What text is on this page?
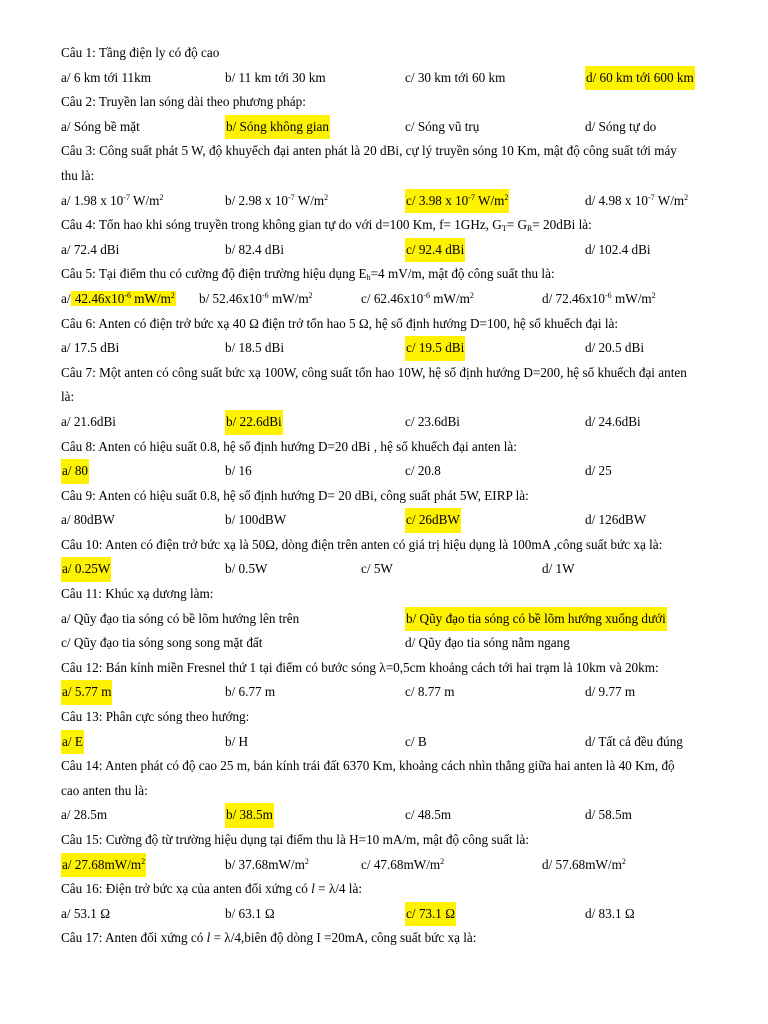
Câu 1: Tầng điện ly có độ cao
a/ 6 km tới 11km	b/ 11 km tới 30 km	c/ 30 km tới 60 km	d/ 60 km tới 600 km
Câu 2: Truyền lan sóng dài theo phương pháp:
a/ Sóng bề mặt	b/ Sóng không gian	c/ Sóng vũ trụ	d/ Sóng tự do
Câu 3: Công suất phát 5 W, độ khuyếch đại anten phát là 20 dBi, cự lý truyền sóng 10 Km, mật độ công suất tới máy
thu là:
a/ 1.98 x $10^{-7}$ $W/m^2$	b/ 2.98 x $10^{-7}$ $W/m^2$	c/ 3.98 x $10^{-7}$ $W/m^2$	d/ 4.98 x $10^{-7}$ $W/m^2$
Câu 4: Tổn hao khi sóng truyền trong không gian tự do với d=100 Km, f= 1GHz, $G_T= G_R= 20dBi$ là:
a/ 72.4 dBi	b/ 82.4 dBi	c/ 92.4 dBi	d/ 102.4 dBi
Câu 5: Tại điểm thu có cường độ điện trường hiệu dụng $E_h=4$ mV/m, mật độ công suất thu là:
a/ $42.46x10^{-6}$ $mW/m^2$ b/ $52.46x10^{-6}$ $mW/m^2$	c/ $62.46x10^{-6}$ $mW/m^2$	d/ $72.46x10^{-6}$ $mW/m^2$
Câu 6: Anten có điện trở bức xạ 40 Ω điện trở tổn hao 5 Ω, hệ số định hướng D=100, hệ số khuếch đại là:
a/ 17.5 dBi	b/ 18.5 dBi	c/ 19.5 dBi	d/ 20.5 dBi
Câu 7: Một anten có công suất bức xạ 100W, công suất tổn hao 10W, hệ số định hướng D=200, hệ số khuếch đại anten
là:
a/ 21.6dBi	b/ 22.6dBi	c/ 23.6dBi	d/ 24.6dBi
Câu 8: Anten có hiệu suất 0.8, hệ số định hướng D=20 dBi , hệ số khuếch đại anten là:
a/ 80	b/ 16	c/ 20.8	d/ 25
Câu 9: Anten có hiệu suất 0.8, hệ số định hướng D= 20 dBi, công suất phát 5W, EIRP là:
a/ 80dBW	b/ 100dBW	c/ 26dBW	d/ 126dBW
Câu 10: Anten có điện trở bức xạ là 50Ω, dòng điện trên anten có giá trị hiệu dụng là 100mA ,công suất bức xạ là:
a/ 0.25W	b/ 0.5W	c/ 5W	d/ 1W
Câu 11: Khúc xạ dương làm:
a/ Qũy đạo tia sóng có bề lõm hướng lên trên	b/ Qũy đạo tia sóng có bề lõm hướng xuống dưới
c/ Qũy đạo tia sóng song song mặt đất	d/ Qũy đạo tia sóng nằm ngang
Câu 12: Bán kính miền Fresnel thứ 1 tại điểm có bước sóng λ=0,5cm khoảng cách tới hai trạm là 10km và 20km:
a/ 5.77 m	b/ 6.77 m	c/ 8.77 m	d/ 9.77 m
Câu 13: Phân cực sóng theo hướng:
a/ E	b/ H	c/ B	d/ Tất cả đều đúng
Câu 14: Anten phát có độ cao 25 m, bán kính trái đất 6370 Km, khoảng cách nhìn thẳng giữa hai anten là 40 Km, độ
cao anten thu là:
a/ 28.5m	b/ 38.5m	c/ 48.5m	d/ 58.5m
Câu 15: Cường độ từ trường hiệu dụng tại điểm thu là H=10 mA/m, mật độ công suất là:
a/ $27.68mW/m^2$	b/ $37.68mW/m^2$	c/ $47.68mW/m^2$	d/ $57.68mW/m^2$
Câu 16: Điện trở bức xạ của anten đối xứng có l = λ/4 là:
a/ 53.1 Ω	b/ 63.1 Ω	c/ 73.1 Ω	d/ 83.1 Ω
Câu 17: Anten đối xứng có l = λ/4,biên độ dòng I =20mA, công suất bức xạ là:
